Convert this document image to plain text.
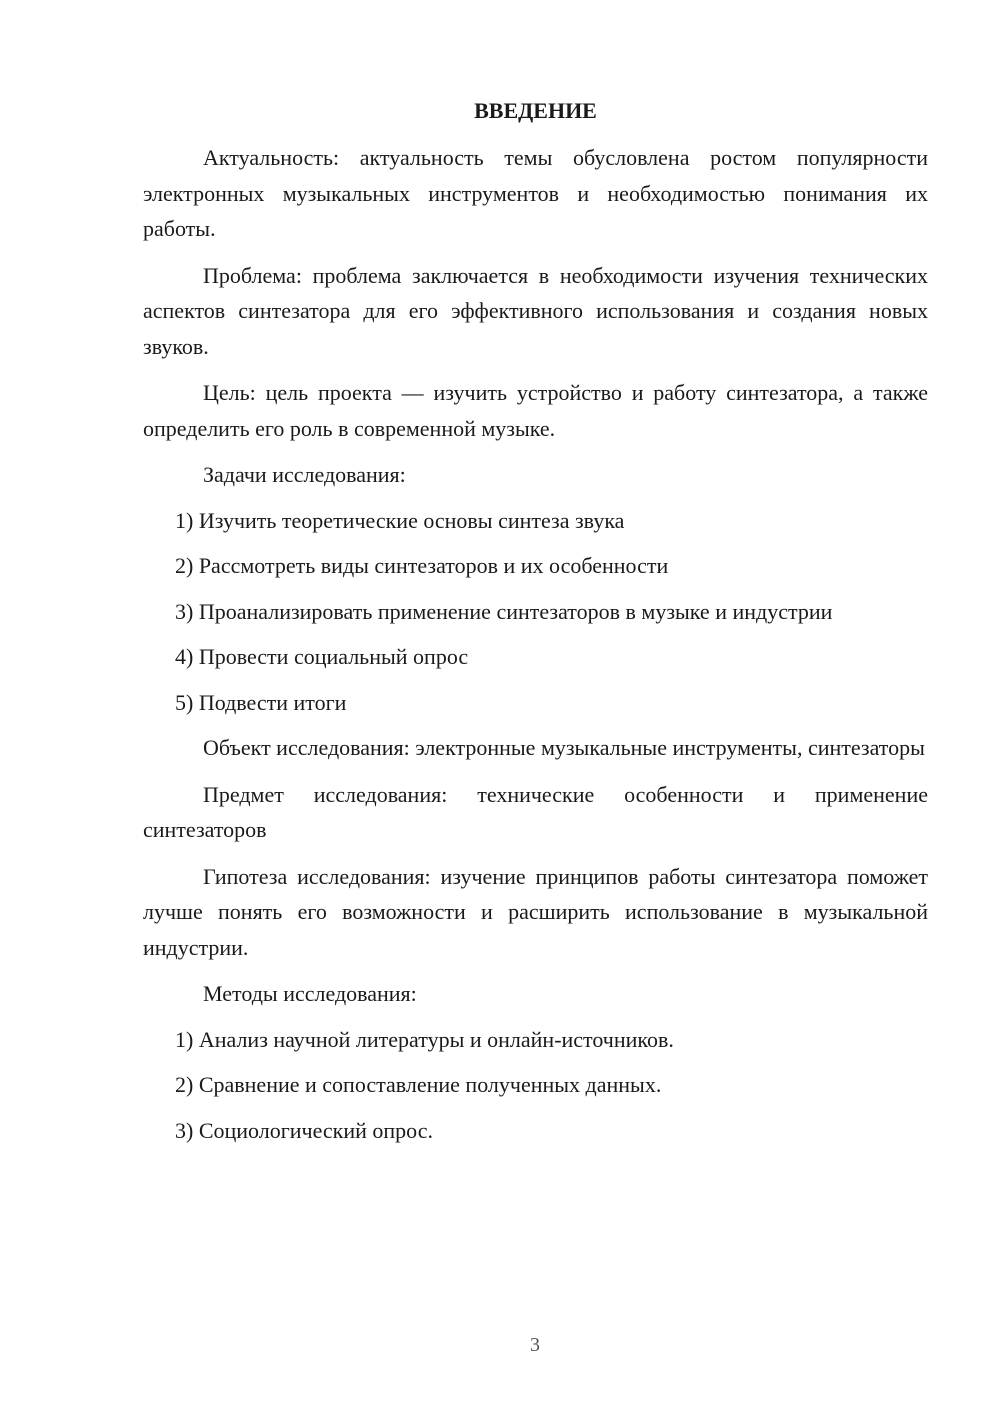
ВВЕДЕНИЕ

Актуальность: актуальность темы обусловлена ростом популярности электронных музыкальных инструментов и необходимостью понимания их работы.

Проблема: проблема заключается в необходимости изучения технических аспектов синтезатора для его эффективного использования и создания новых звуков.

Цель: цель проекта — изучить устройство и работу синтезатора, а также определить его роль в современной музыке.

Задачи исследования:
1) Изучить теоретические основы синтеза звука
2) Рассмотреть виды синтезаторов и их особенности
3) Проанализировать применение синтезаторов в музыке и индустрии
4) Провести социальный опрос
5) Подвести итоги

Объект исследования: электронные музыкальные инструменты, синтезаторы

Предмет исследования: технические особенности и применение синтезаторов

Гипотеза исследования: изучение принципов работы синтезатора поможет лучше понять его возможности и расширить использование в музыкальной индустрии.

Методы исследования:
1) Анализ научной литературы и онлайн-источников.
2) Сравнение и сопоставление полученных данных.
3) Социологический опрос.
3
